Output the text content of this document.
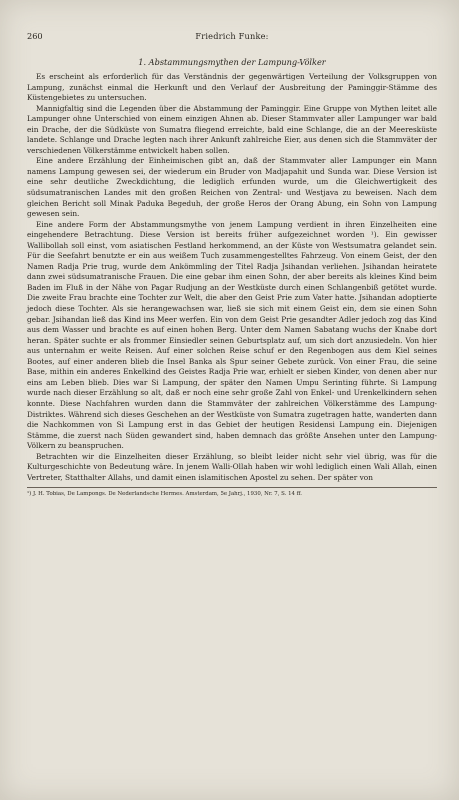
260	Friedrich Funke:
1. Abstammungsmythen der Lampung-Völker

Es erscheint als erforderlich für das Verständnis der gegenwärtigen Verteilung der Volksgruppen von Lampung, zunächst einmal die Herkunft und den Verlauf der Ausbreitung der Paminggir-Stämme des Küstengebietes zu untersuchen.

Mannigfaltig sind die Legenden über die Abstammung der Paminggir. Eine Gruppe von Mythen leitet alle Lampunger ohne Unterschied von einem einzigen Ahnen ab. Dieser Stammvater aller Lampunger war bald ein Drache, der die Südküste von Sumatra fliegend erreichte, bald eine Schlange, die an der Meeresküste landete. Schlange und Drache legten nach ihrer Ankunft zahlreiche Eier, aus denen sich die Stammväter der verschiedenen Völkerstämme entwickelt haben sollen.

Eine andere Erzählung der Einheimischen gibt an, daß der Stammvater aller Lampunger ein Mann namens Lampung gewesen sei, der wiederum ein Bruder von Madjapahit und Sunda war. Diese Version ist eine sehr deutliche Zweckdichtung, die lediglich erfunden wurde, um die Gleichwertigkeit des südsumatranischen Landes mit den großen Reichen von Zentral- und Westjava zu beweisen. Nach dem gleichen Bericht soll Minak Paduka Begeduh, der große Heros der Orang Abung, ein Sohn von Lampung gewesen sein.

Eine andere Form der Abstammungsmythe von jenem Lampung verdient in ihren Einzelheiten eine eingehendere Betrachtung. Diese Version ist bereits früher aufgezeichnet worden ¹). Ein gewisser Wallibollah soll einst, vom asiatischen Festland herkommend, an der Küste von Westsumatra gelandet sein. Für die Seefahrt benutzte er ein aus weißem Tuch zusammengestelltes Fahrzeug. Von einem Geist, der den Namen Radja Prie trug, wurde dem Ankömmling der Titel Radja Jsihandan verliehen. Jsihandan heiratete dann zwei südsumatranische Frauen. Die eine gebar ihm einen Sohn, der aber bereits als kleines Kind beim Baden im Fluß in der Nähe von Pagar Rudjung an der Westküste durch einen Schlangenbiß getötet wurde. Die zweite Frau brachte eine Tochter zur Welt, die aber den Geist Prie zum Vater hatte. Jsihandan adoptierte jedoch diese Tochter. Als sie herangewachsen war, ließ sie sich mit einem Geist ein, dem sie einen Sohn gebar. Jsihandan ließ das Kind ins Meer werfen. Ein von dem Geist Prie gesandter Adler jedoch zog das Kind aus dem Wasser und brachte es auf einen hohen Berg. Unter dem Namen Sabatang wuchs der Knabe dort heran. Später suchte er als frommer Einsiedler seinen Geburtsplatz auf, um sich dort anzusiedeln. Von hier aus unternahm er weite Reisen. Auf einer solchen Reise schuf er den Regenbogen aus dem Kiel seines Bootes, auf einer anderen blieb die Insel Banka als Spur seiner Gebete zurück. Von einer Frau, die seine Base, mithin ein anderes Enkelkind des Geistes Radja Prie war, erhielt er sieben Kinder, von denen aber nur eins am Leben blieb. Dies war Si Lampung, der später den Namen Umpu Serinting führte. Si Lampung wurde nach dieser Erzählung so alt, daß er noch eine sehr große Zahl von Enkel- und Urenkelkindern sehen konnte. Diese Nachfahren wurden dann die Stammväter der zahlreichen Völkerstämme des Lampung-Distriktes. Während sich dieses Geschehen an der Westküste von Sumatra zugetragen hatte, wanderten dann die Nachkommen von Si Lampung erst in das Gebiet der heutigen Residensi Lampung ein. Diejenigen Stämme, die zuerst nach Süden gewandert sind, haben demnach das größte Ansehen unter den Lampung-Völkern zu beanspruchen.

Betrachten wir die Einzelheiten dieser Erzählung, so bleibt leider nicht sehr viel übrig, was für die Kulturgeschichte von Bedeutung wäre. In jenem Walli-Ollah haben wir wohl lediglich einen Wali Allah, einen Vertreter, Statthalter Allahs, und damit einen islamitischen Apostel zu sehen. Der später von

¹) J. H. Tobias, De Lampongs. De Nederlandsche Hermes. Amsterdam, 5e Jahrj., 1930, Nr. 7, S. 14 ff.
